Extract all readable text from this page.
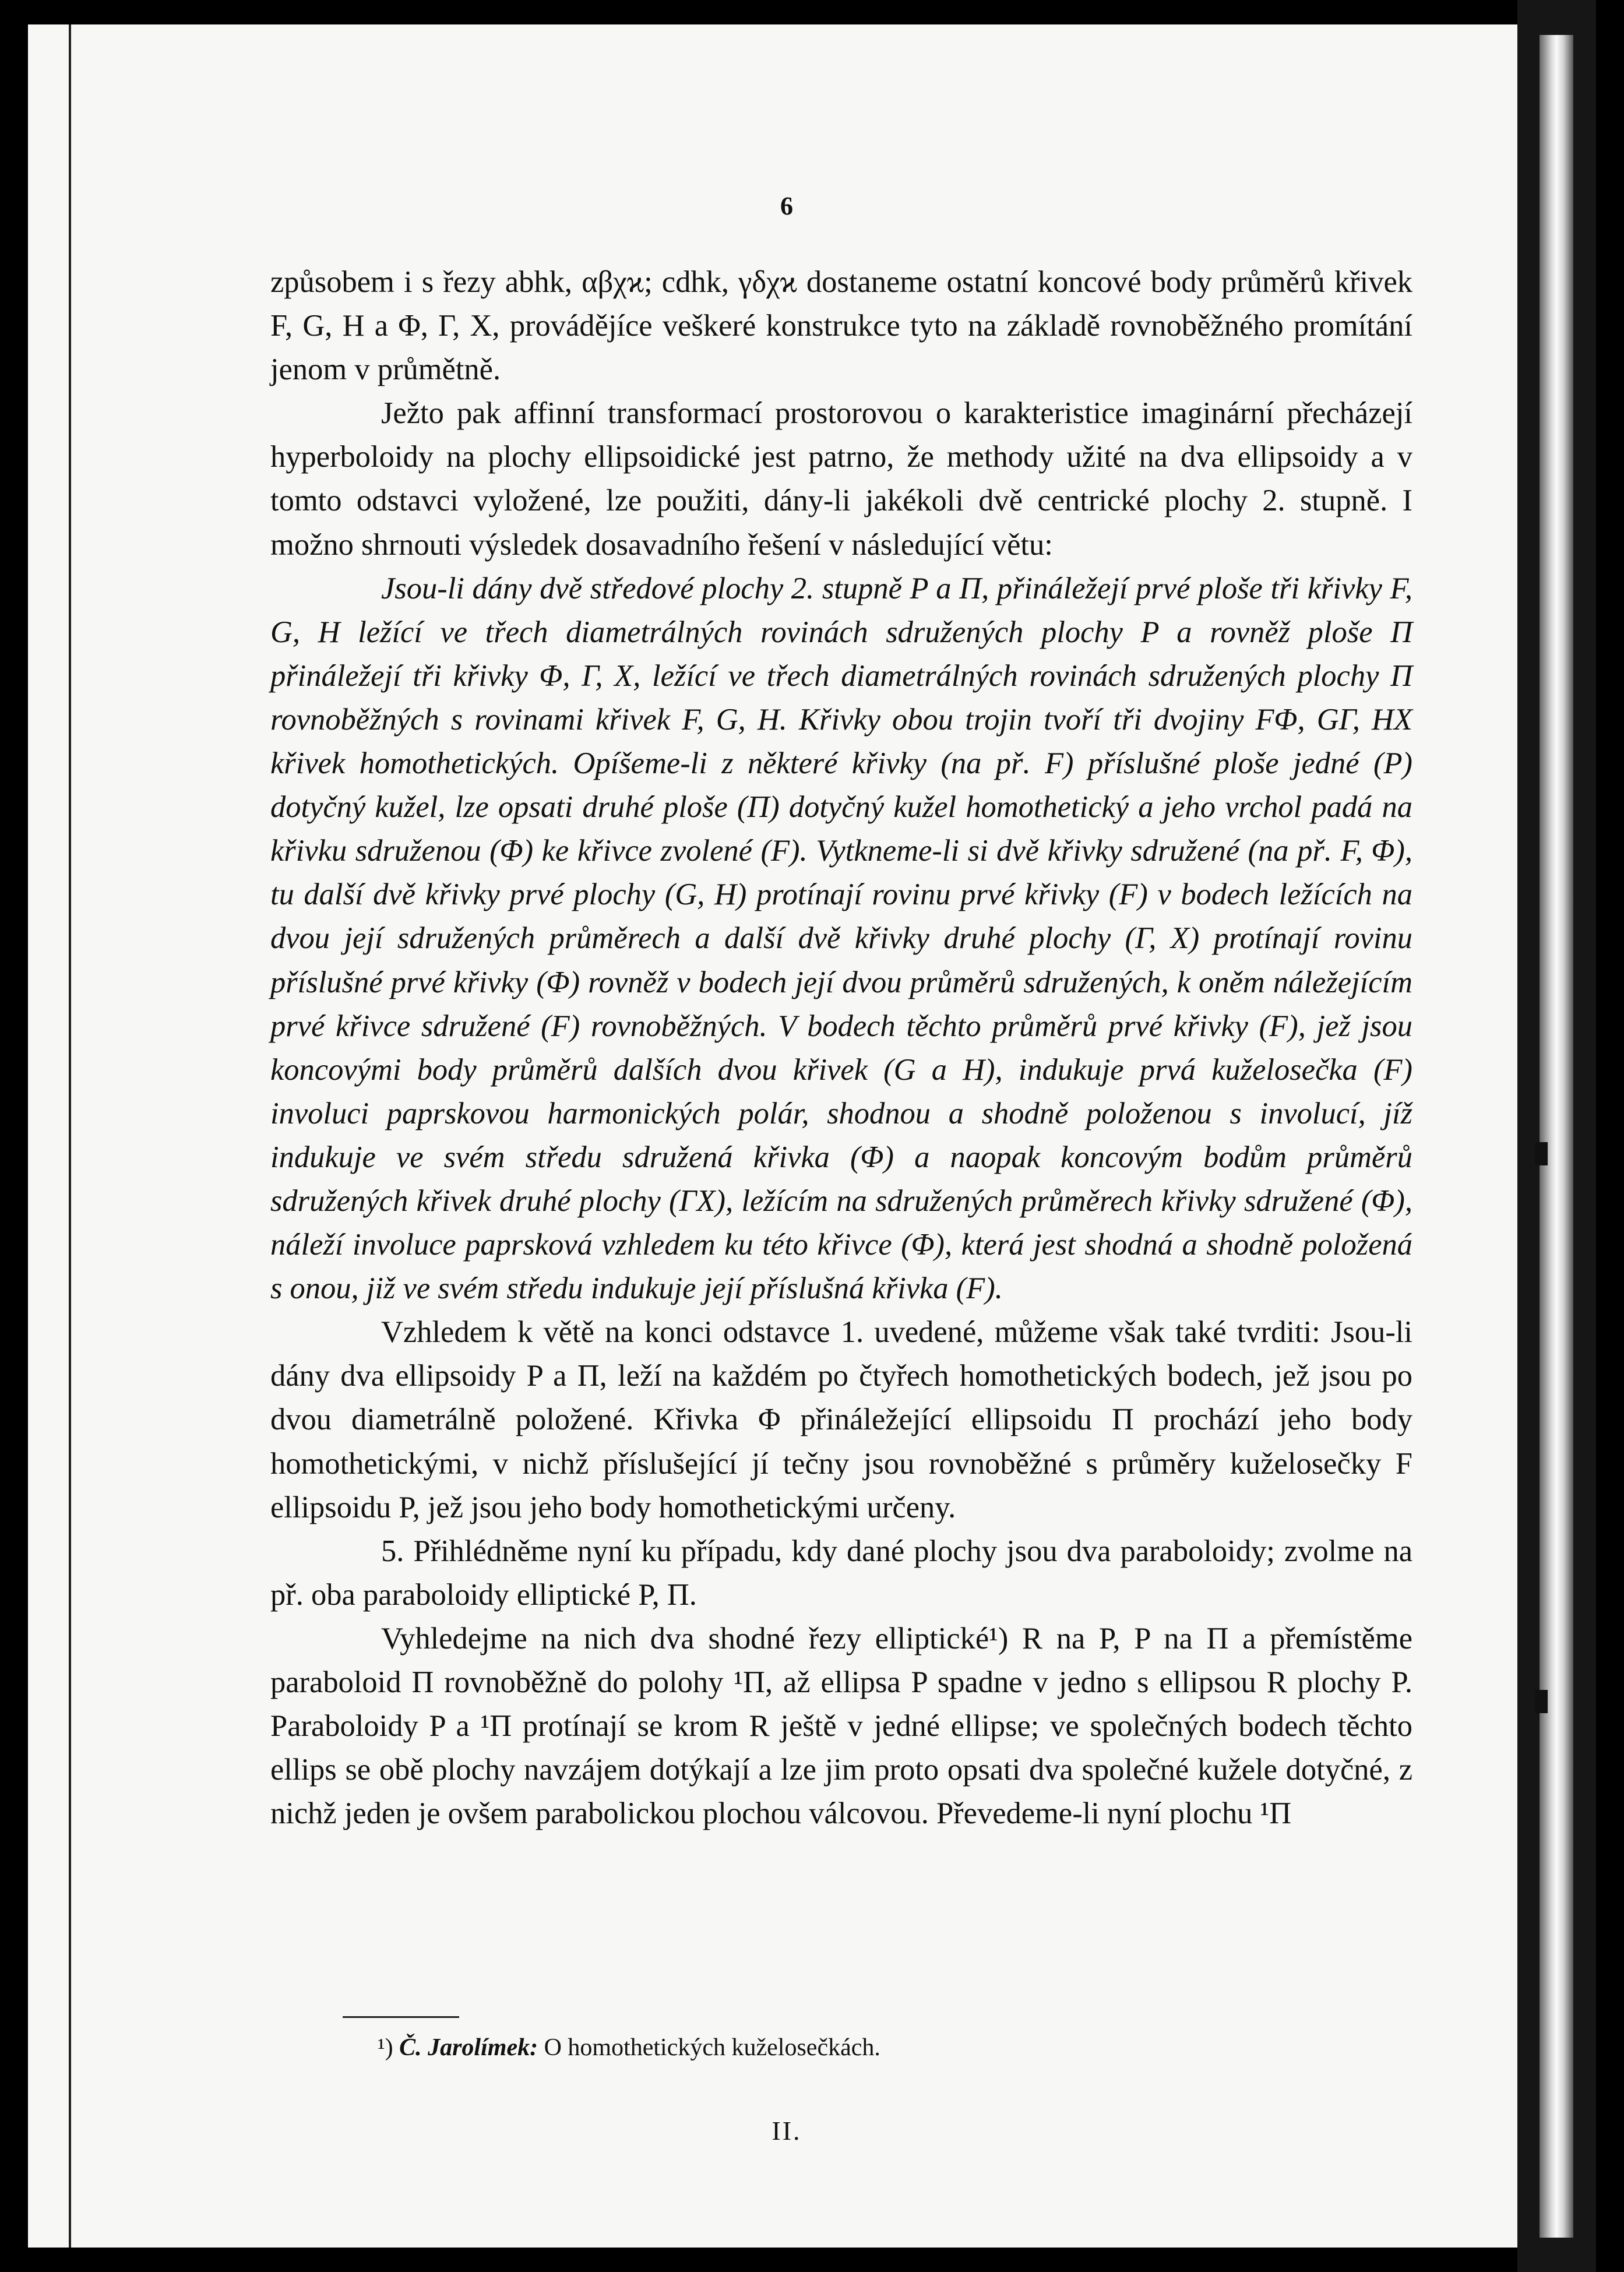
6

způsobem i s řezy abhk, αβχϰ; cdhk, γδχϰ dostaneme ostatní koncové body průměrů křivek F, G, H a Φ, Γ, X, provádějíce veškeré konstrukce tyto na základě rovnoběžného promítání jenom v průmětně.

Ježto pak affinní transformací prostorovou o karakteristice imaginární přecházejí hyperboloidy na plochy ellipsoidické jest patrno, že methody užité na dva ellipsoidy a v tomto odstavci vyložené, lze použiti, dány-li jakékoli dvě centrické plochy 2. stupně. I možno shrnouti výsledek dosavadního řešení v následující větu:

Jsou-li dány dvě středové plochy 2. stupně P a Π, přináležejí prvé ploše tři křivky F, G, H ležící ve třech diametrálných rovinách sdružených plochy P a rovněž ploše Π přináležejí tři křivky Φ, Γ, X, ležící ve třech diametrálných rovinách sdružených plochy Π rovnoběžných s rovinami křivek F, G, H. Křivky obou trojin tvoří tři dvojiny FΦ, GΓ, HX křivek homothetických. Opíšeme-li z některé křivky (na př. F) příslušné ploše jedné (P) dotyčný kužel, lze opsati druhé ploše (Π) dotyčný kužel homothetický a jeho vrchol padá na křivku sdruženou (Φ) ke křivce zvolené (F). Vytkneme-li si dvě křivky sdružené (na př. F, Φ), tu další dvě křivky prvé plochy (G, H) protínají rovinu prvé křivky (F) v bodech ležících na dvou její sdružených průměrech a další dvě křivky druhé plochy (Γ, X) protínají rovinu příslušné prvé křivky (Φ) rovněž v bodech její dvou průměrů sdružených, k oněm náležejícím prvé křivce sdružené (F) rovnoběžných. V bodech těchto průměrů prvé křivky (F), jež jsou koncovými body průměrů dalších dvou křivek (G a H), indukuje prvá kuželosečka (F) involuci paprskovou harmonických polár, shodnou a shodně položenou s involucí, jíž indukuje ve svém středu sdružená křivka (Φ) a naopak koncovým bodům průměrů sdružených křivek druhé plochy (ΓX), ležícím na sdružených průměrech křivky sdružené (Φ), náleží involuce paprsková vzhledem ku této křivce (Φ), která jest shodná a shodně položená s onou, již ve svém středu indukuje její příslušná křivka (F).

Vzhledem k větě na konci odstavce 1. uvedené, můžeme však také tvrditi: Jsou-li dány dva ellipsoidy P a Π, leží na každém po čtyřech homothetických bodech, jež jsou po dvou diametrálně položené. Křivka Φ přináležející ellipsoidu Π prochází jeho body homothetickými, v nichž příslušející jí tečny jsou rovnoběžné s průměry kuželosečky F ellipsoidu P, jež jsou jeho body homothetickými určeny.

5. Přihlédněme nyní ku případu, kdy dané plochy jsou dva paraboloidy; zvolme na př. oba paraboloidy elliptické P, Π.

Vyhledejme na nich dva shodné řezy elliptické¹) R na P, P na Π a přemístěme paraboloid Π rovnoběžně do polohy ¹Π, až ellipsa P spadne v jedno s ellipsou R plochy P. Paraboloidy P a ¹Π protínají se krom R ještě v jedné ellipse; ve společných bodech těchto ellips se obě plochy navzájem dotýkají a lze jim proto opsati dva společné kužele dotyčné, z nichž jeden je ovšem parabolickou plochou válcovou. Převedeme-li nyní plochu ¹Π

¹) Č. Jarolímek: O homothetických kuželosečkách.
II.
